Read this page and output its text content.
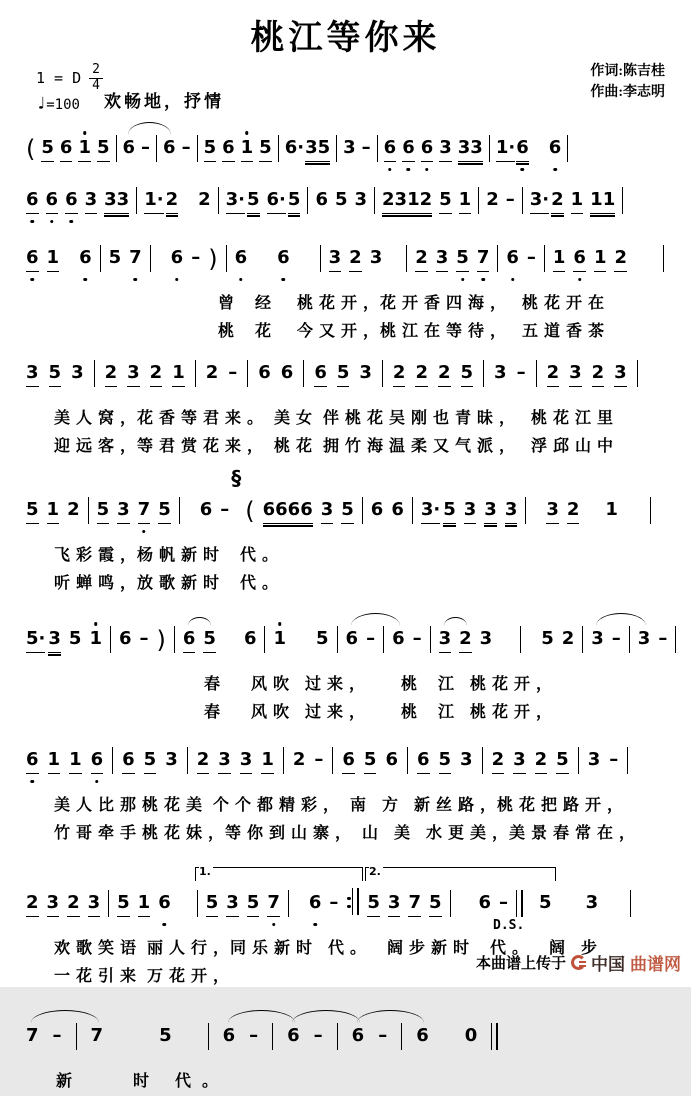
桃江等你来
1 = D $\frac{2}{4}$
♩=100	欢畅地，抒情
作词:陈吉桂
作曲:李志明
( 5 6 1 5 6 – 6 – 5 6 1 5 6· 35 3 – 6 6 6 3 33 1· 6 6
6 6 6 3 33 1· 2 2 3· 5 6· 5 6 5 3 2312 5 1 2 – 3· 2 1 11
6 1 6 5 7 6 – ) 6 6 3 2 3 2 3 5 7 6 – 1 6 1 2
曾    经     桃 花 开 ，花 开 香 四 海 ，   桃 花 开 在
桃    花     今 又 开 ，桃 江 在 等 待 ，   五 道 香 茶
3 5 3 2 3 2 1 2 – 6 6 6 5 3 2 2 2 5 3 – 2 3 2 3
美 人 窝 ，花 香 等 君 来 。  美 女  伴 桃 花 吴 刚 也 青 昧 ，   桃 花 江 里
迎 远 客 ，等 君 赏 花 来 ，  桃 花  拥 竹 海 温 柔 又 气 派 ，   浮 邱 山 中
5 1 2 5 3 7 5 6 –
§
( 6666 3 5 6 6 3· 5 3 3 3 3 2 1
飞 彩 霞 ，杨 帆 新 时    代 。
听 蝉 鸣 ，放 歌 新 时    代 。
5· 3 5 1 6 – ) 6 5 6 1 5 6 – 6 – 3 2 3	5 2 3 – 3 –
春      风 吹   过 来 ，       桃    江   桃 花 开 ，
春      风 吹   过 来 ，       桃    江   桃 花 开 ，
6 1 1 6 6 5 3 2 3 3 1 2 – 6 5 6 6 5 3 2 3 2 5 3 –
美 人 比 那 桃 花 美  个 个 都 精 彩 ，  南   方   新 丝 路 ，桃 花 把 路 开 ，
竹 哥 牵 手 桃 花 妹 ，等 你 到 山 寨 ，  山   美   水 更 美 ，美 景 春 常 在 ，
2 3 2 3 5 1 6 5 3 5 7 6 – 5 3 7 5 6 –
D.S.
5 3
1.	2.
欢 歌 笑 语  丽 人 行 ，同 乐 新 时   代 。    阔 步 新 时    代 。    阔   步
一 花 引 来  万 花 开 ，
7 – 7	5	6 – 6 – 6 – 6 0
新            时     代  。
本曲谱上传于 中国 曲谱网
